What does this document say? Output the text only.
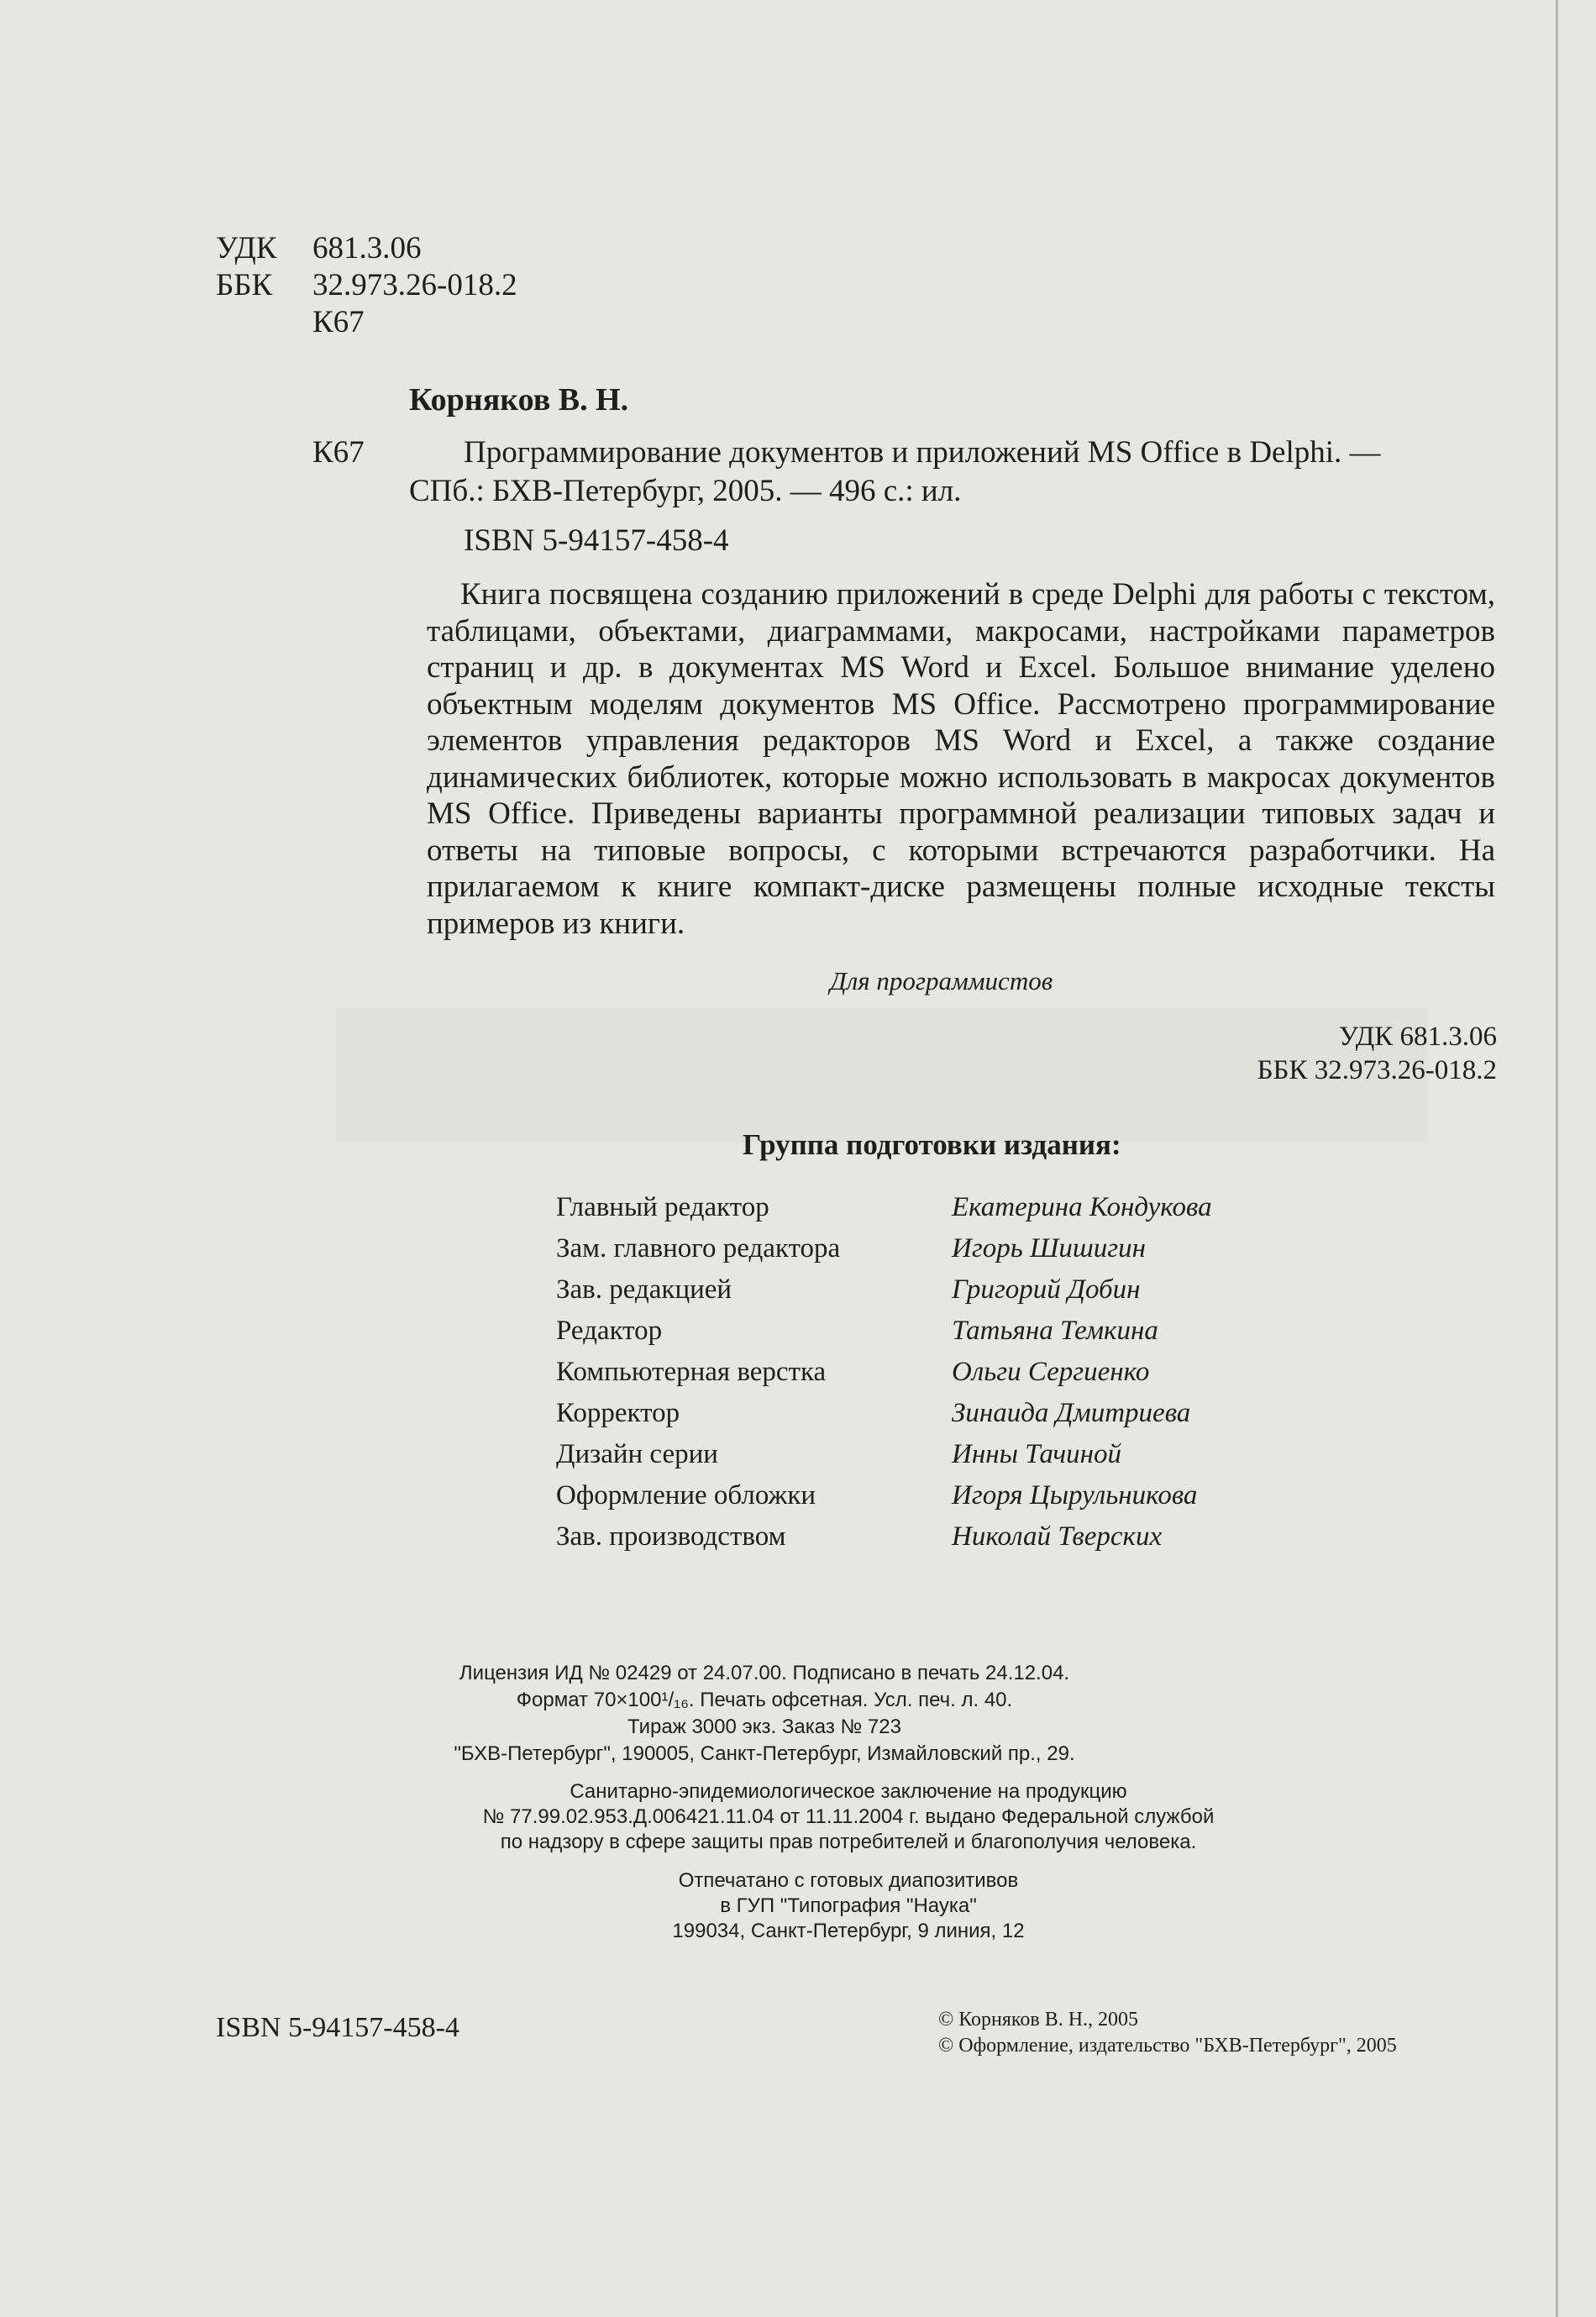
УДК 681.3.06
ББК 32.973.26-018.2
К67
Корняков В. Н.
К67	Программирование документов и приложений MS Office в Delphi. —
СПб.: БХВ-Петербург, 2005. — 496 с.: ил.
ISBN 5-94157-458-4

Книга посвящена созданию приложений в среде Delphi для работы с текстом, таблицами, объектами, диаграммами, макросами, настройками параметров страниц и др. в документах MS Word и Excel. Большое внимание уделено объектным моделям документов MS Office. Рассмотрено программирование элементов управления редакторов MS Word и Excel, а также создание динамических библиотек, которые можно использовать в макросах документов MS Office. Приведены варианты программной реализации типовых задач и ответы на типовые вопросы, с которыми встречаются разработчики. На прилагаемом к книге компакт-диске размещены полные исходные тексты примеров из книги.

Для программистов
УДК 681.3.06
ББК 32.973.26-018.2
Группа подготовки издания:
Главный редактор	Екатерина Кондукова
Зам. главного редактора	Игорь Шишигин
Зав. редакцией	Григорий Добин
Редактор	Татьяна Темкина
Компьютерная верстка	Ольги Сергиенко
Корректор	Зинаида Дмитриева
Дизайн серии	Инны Тачиной
Оформление обложки	Игоря Цырульникова
Зав. производством	Николай Тверских
Лицензия ИД № 02429 от 24.07.00. Подписано в печать 24.12.04.
Формат 70×100¹/₁₆. Печать офсетная. Усл. печ. л. 40.
Тираж 3000 экз. Заказ № 723
"БХВ-Петербург", 190005, Санкт-Петербург, Измайловский пр., 29.
Санитарно-эпидемиологическое заключение на продукцию
№ 77.99.02.953.Д.006421.11.04 от 11.11.2004 г. выдано Федеральной службой
по надзору в сфере защиты прав потребителей и благополучия человека.
Отпечатано с готовых диапозитивов
в ГУП "Типография "Наука"
199034, Санкт-Петербург, 9 линия, 12
ISBN 5-94157-458-4	© Корняков В. Н., 2005
© Оформление, издательство "БХВ-Петербург", 2005
